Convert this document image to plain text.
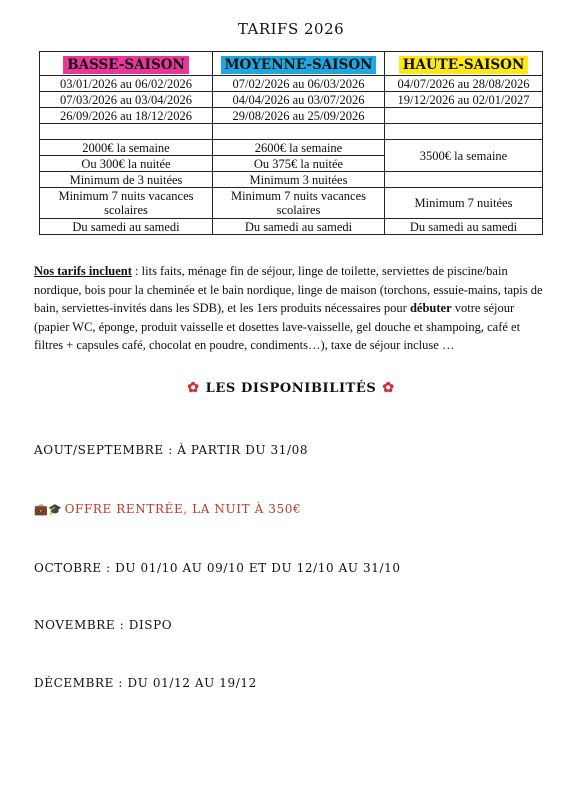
TARIFS 2026
BASSE-SAISON	MOYENNE-SAISON	HAUTE-SAISON
03/01/2026 au 06/02/2026	07/02/2026 au 06/03/2026	04/07/2026 au 28/08/2026
07/03/2026 au 03/04/2026	04/04/2026 au 03/07/2026	19/12/2026 au 02/01/2027
26/09/2026 au 18/12/2026	29/08/2026 au 25/09/2026	

2000€ la semaine	2600€ la semaine	3500€ la semaine
Ou 300€ la nuitée	Ou 375€ la nuitée	
Minimum de 3 nuitées	Minimum 3 nuitées	
Minimum 7 nuits vacances scolaires	Minimum 7 nuits vacances scolaires	Minimum 7 nuitées
Du samedi au samedi	Du samedi au samedi	Du samedi au samedi
Nos tarifs incluent : lits faits, ménage fin de séjour, linge de toilette, serviettes de piscine/bain nordique, bois pour la cheminée et le bain nordique, linge de maison (torchons, essuie-mains, tapis de bain, serviettes-invités dans les SDB), et les 1ers produits nécessaires pour débuter votre séjour (papier WC, éponge, produit vaisselle et dosettes lave-vaisselle, gel douche et shampoing, café et filtres + capsules café, chocolat en poudre, condiments…), taxe de séjour incluse …
✿ LES DISPONIBILITÉS ✿
AOUT/SEPTEMBRE : À PARTIR DU 31/08
💼🎓 OFFRE RENTRÉE, LA NUIT À 350€
OCTOBRE : DU 01/10 AU 09/10 ET DU 12/10 AU 31/10
NOVEMBRE : DISPO
DÉCEMBRE : DU 01/12 AU 19/12
